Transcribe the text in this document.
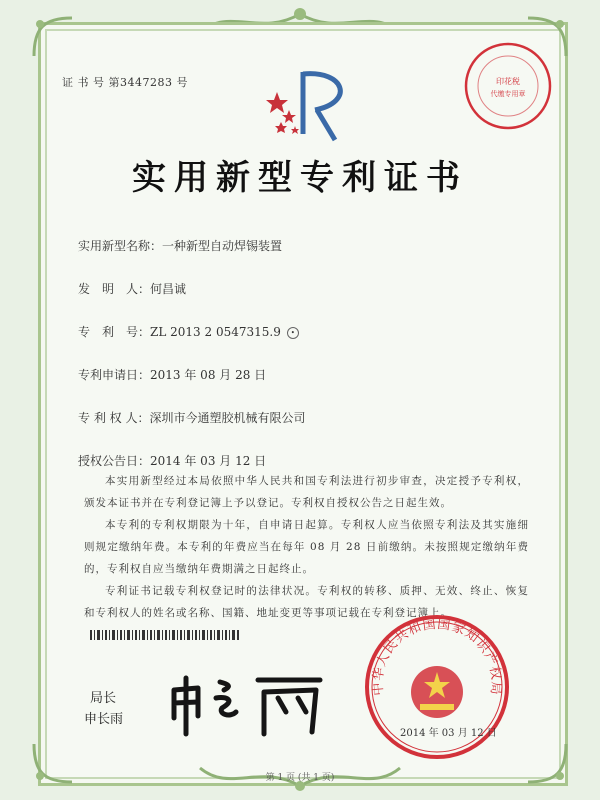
证 书 号 第3447283 号	印花税
代缴专用章
实用新型专利证书
实用新型名称：一种新型自动焊锡装置
发　明　人：何昌诚
专　利　号：ZL 2013 2 0547315.9 •
专利申请日：2013 年 08 月 28 日
专 利 权 人：深圳市今通塑胶机械有限公司
授权公告日：2014 年 03 月 12 日

本实用新型经过本局依照中华人民共和国专利法进行初步审查，决定授予专利权，颁发本证书并在专利登记簿上予以登记。专利权自授权公告之日起生效。

本专利的专利权期限为十年，自申请日起算。专利权人应当依照专利法及其实施细则规定缴纳年费。本专利的年费应当在每年 08 月 28 日前缴纳。未按照规定缴纳年费的，专利权自应当缴纳年费期满之日起终止。

专利证书记载专利权登记时的法律状况。专利权的转移、质押、无效、终止、恢复和专利权人的姓名或名称、国籍、地址变更等事项记载在专利登记簿上。

局长
申长雨
中华人民共和国国家知识产权局
2014 年 03 月 12 日
第 1 页 (共 1 页)
